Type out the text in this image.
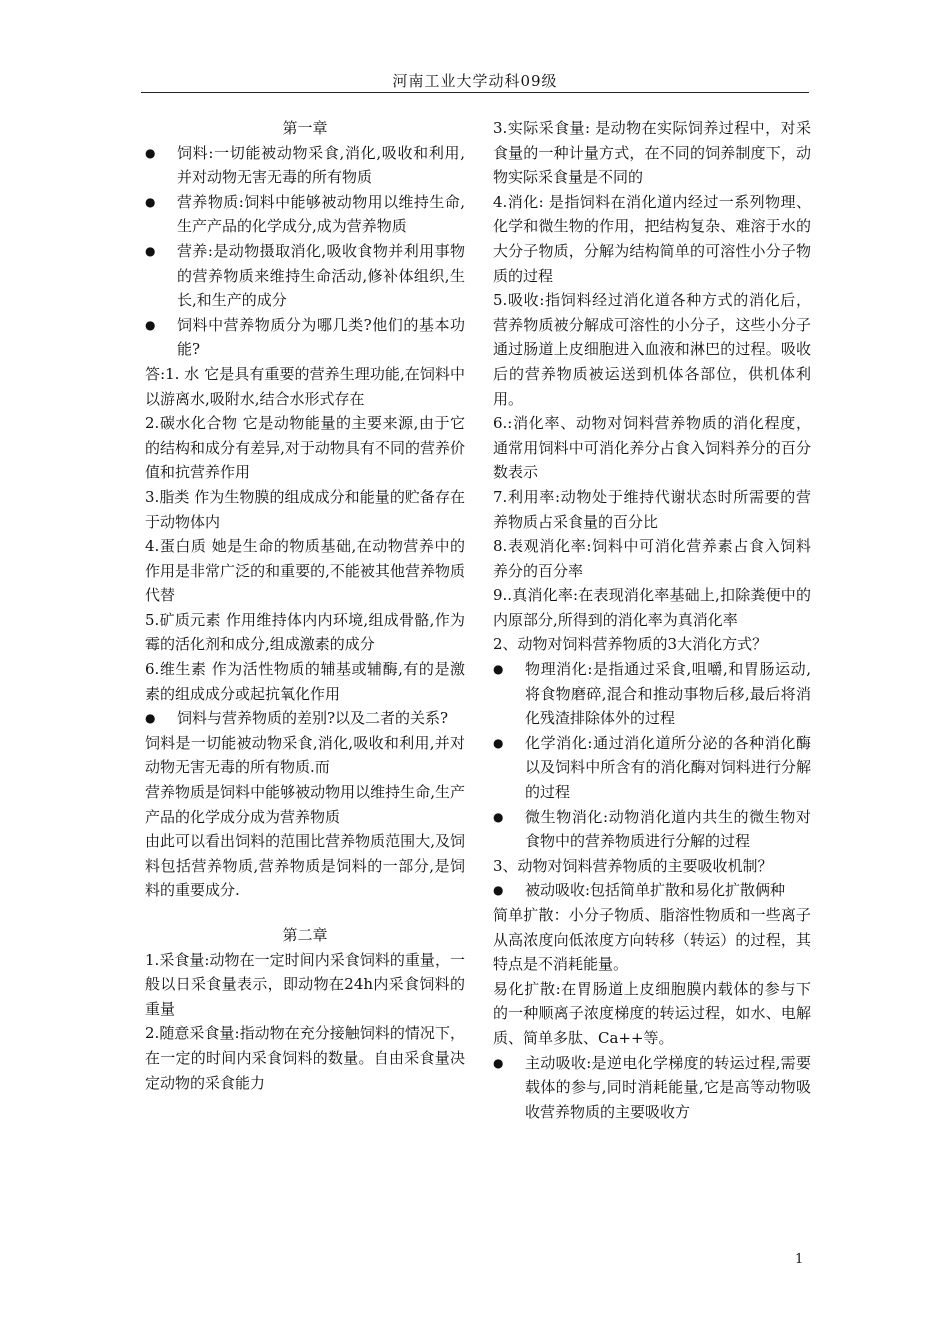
河南工业大学动科09级

第一章

● 饲料:一切能被动物采食,消化,吸收和利用,并对动物无害无毒的所有物质

● 营养物质:饲料中能够被动物用以维持生命,生产产品的化学成分,成为营养物质

● 营养:是动物摄取消化,吸收食物并利用事物的营养物质来维持生命活动,修补体组织,生长,和生产的成分

● 饲料中营养物质分为哪几类?他们的基本功能?

答:1. 水 它是具有重要的营养生理功能,在饲料中以游离水,吸附水,结合水形式存在

2.碳水化合物 它是动物能量的主要来源,由于它的结构和成分有差异,对于动物具有不同的营养价值和抗营养作用

3.脂类 作为生物膜的组成成分和能量的贮备存在于动物体内

4.蛋白质 她是生命的物质基础,在动物营养中的作用是非常广泛的和重要的,不能被其他营养物质代替

5.矿质元素 作用维持体内内环境,组成骨骼,作为霉的活化剂和成分,组成激素的成分

6.维生素 作为活性物质的辅基或辅酶,有的是激素的组成成分或起抗氧化作用

● 饲料与营养物质的差别?以及二者的关系?

饲料是一切能被动物采食,消化,吸收和利用,并对动物无害无毒的所有物质.而

营养物质是饲料中能够被动物用以维持生命,生产产品的化学成分成为营养物质

由此可以看出饲料的范围比营养物质范围大,及饲料包括营养物质,营养物质是饲料的一部分,是饲料的重要成分.

第二章

1.采食量:动物在一定时间内采食饲料的重量，一般以日采食量表示，即动物在24h内采食饲料的重量

2.随意采食量:指动物在充分接触饲料的情况下，在一定的时间内采食饲料的数量。自由采食量决定动物的采食能力

3.实际采食量: 是动物在实际饲养过程中，对采食量的一种计量方式，在不同的饲养制度下，动物实际采食量是不同的

4.消化: 是指饲料在消化道内经过一系列物理、化学和微生物的作用，把结构复杂、难溶于水的大分子物质，分解为结构简单的可溶性小分子物质的过程

5.吸收:指饲料经过消化道各种方式的消化后，营养物质被分解成可溶性的小分子，这些小分子通过肠道上皮细胞进入血液和淋巴的过程。吸收后的营养物质被运送到机体各部位，供机体利用。

6.:消化率、动物对饲料营养物质的消化程度，通常用饲料中可消化养分占食入饲料养分的百分数表示

7.利用率:动物处于维持代谢状态时所需要的营养物质占采食量的百分比

8.表观消化率:饲料中可消化营养素占食入饲料养分的百分率

9..真消化率:在表现消化率基础上,扣除粪便中的内原部分,所得到的消化率为真消化率

2、动物对饲料营养物质的3大消化方式？

● 物理消化:是指通过采食,咀嚼,和胃肠运动,将食物磨碎,混合和推动事物后移,最后将消化残渣排除体外的过程

● 化学消化:通过消化道所分泌的各种消化酶以及饲料中所含有的消化酶对饲料进行分解的过程

● 微生物消化:动物消化道内共生的微生物对食物中的营养物质进行分解的过程

3、动物对饲料营养物质的主要吸收机制？

● 被动吸收:包括简单扩散和易化扩散俩种

简单扩散：小分子物质、脂溶性物质和一些离子从高浓度向低浓度方向转移（转运）的过程，其特点是不消耗能量。

易化扩散:在胃肠道上皮细胞膜内载体的参与下的一种顺离子浓度梯度的转运过程，如水、电解质、简单多肽、Ca++等。

● 主动吸收:是逆电化学梯度的转运过程,需要载体的参与,同时消耗能量,它是高等动物吸收营养物质的主要吸收方

1
